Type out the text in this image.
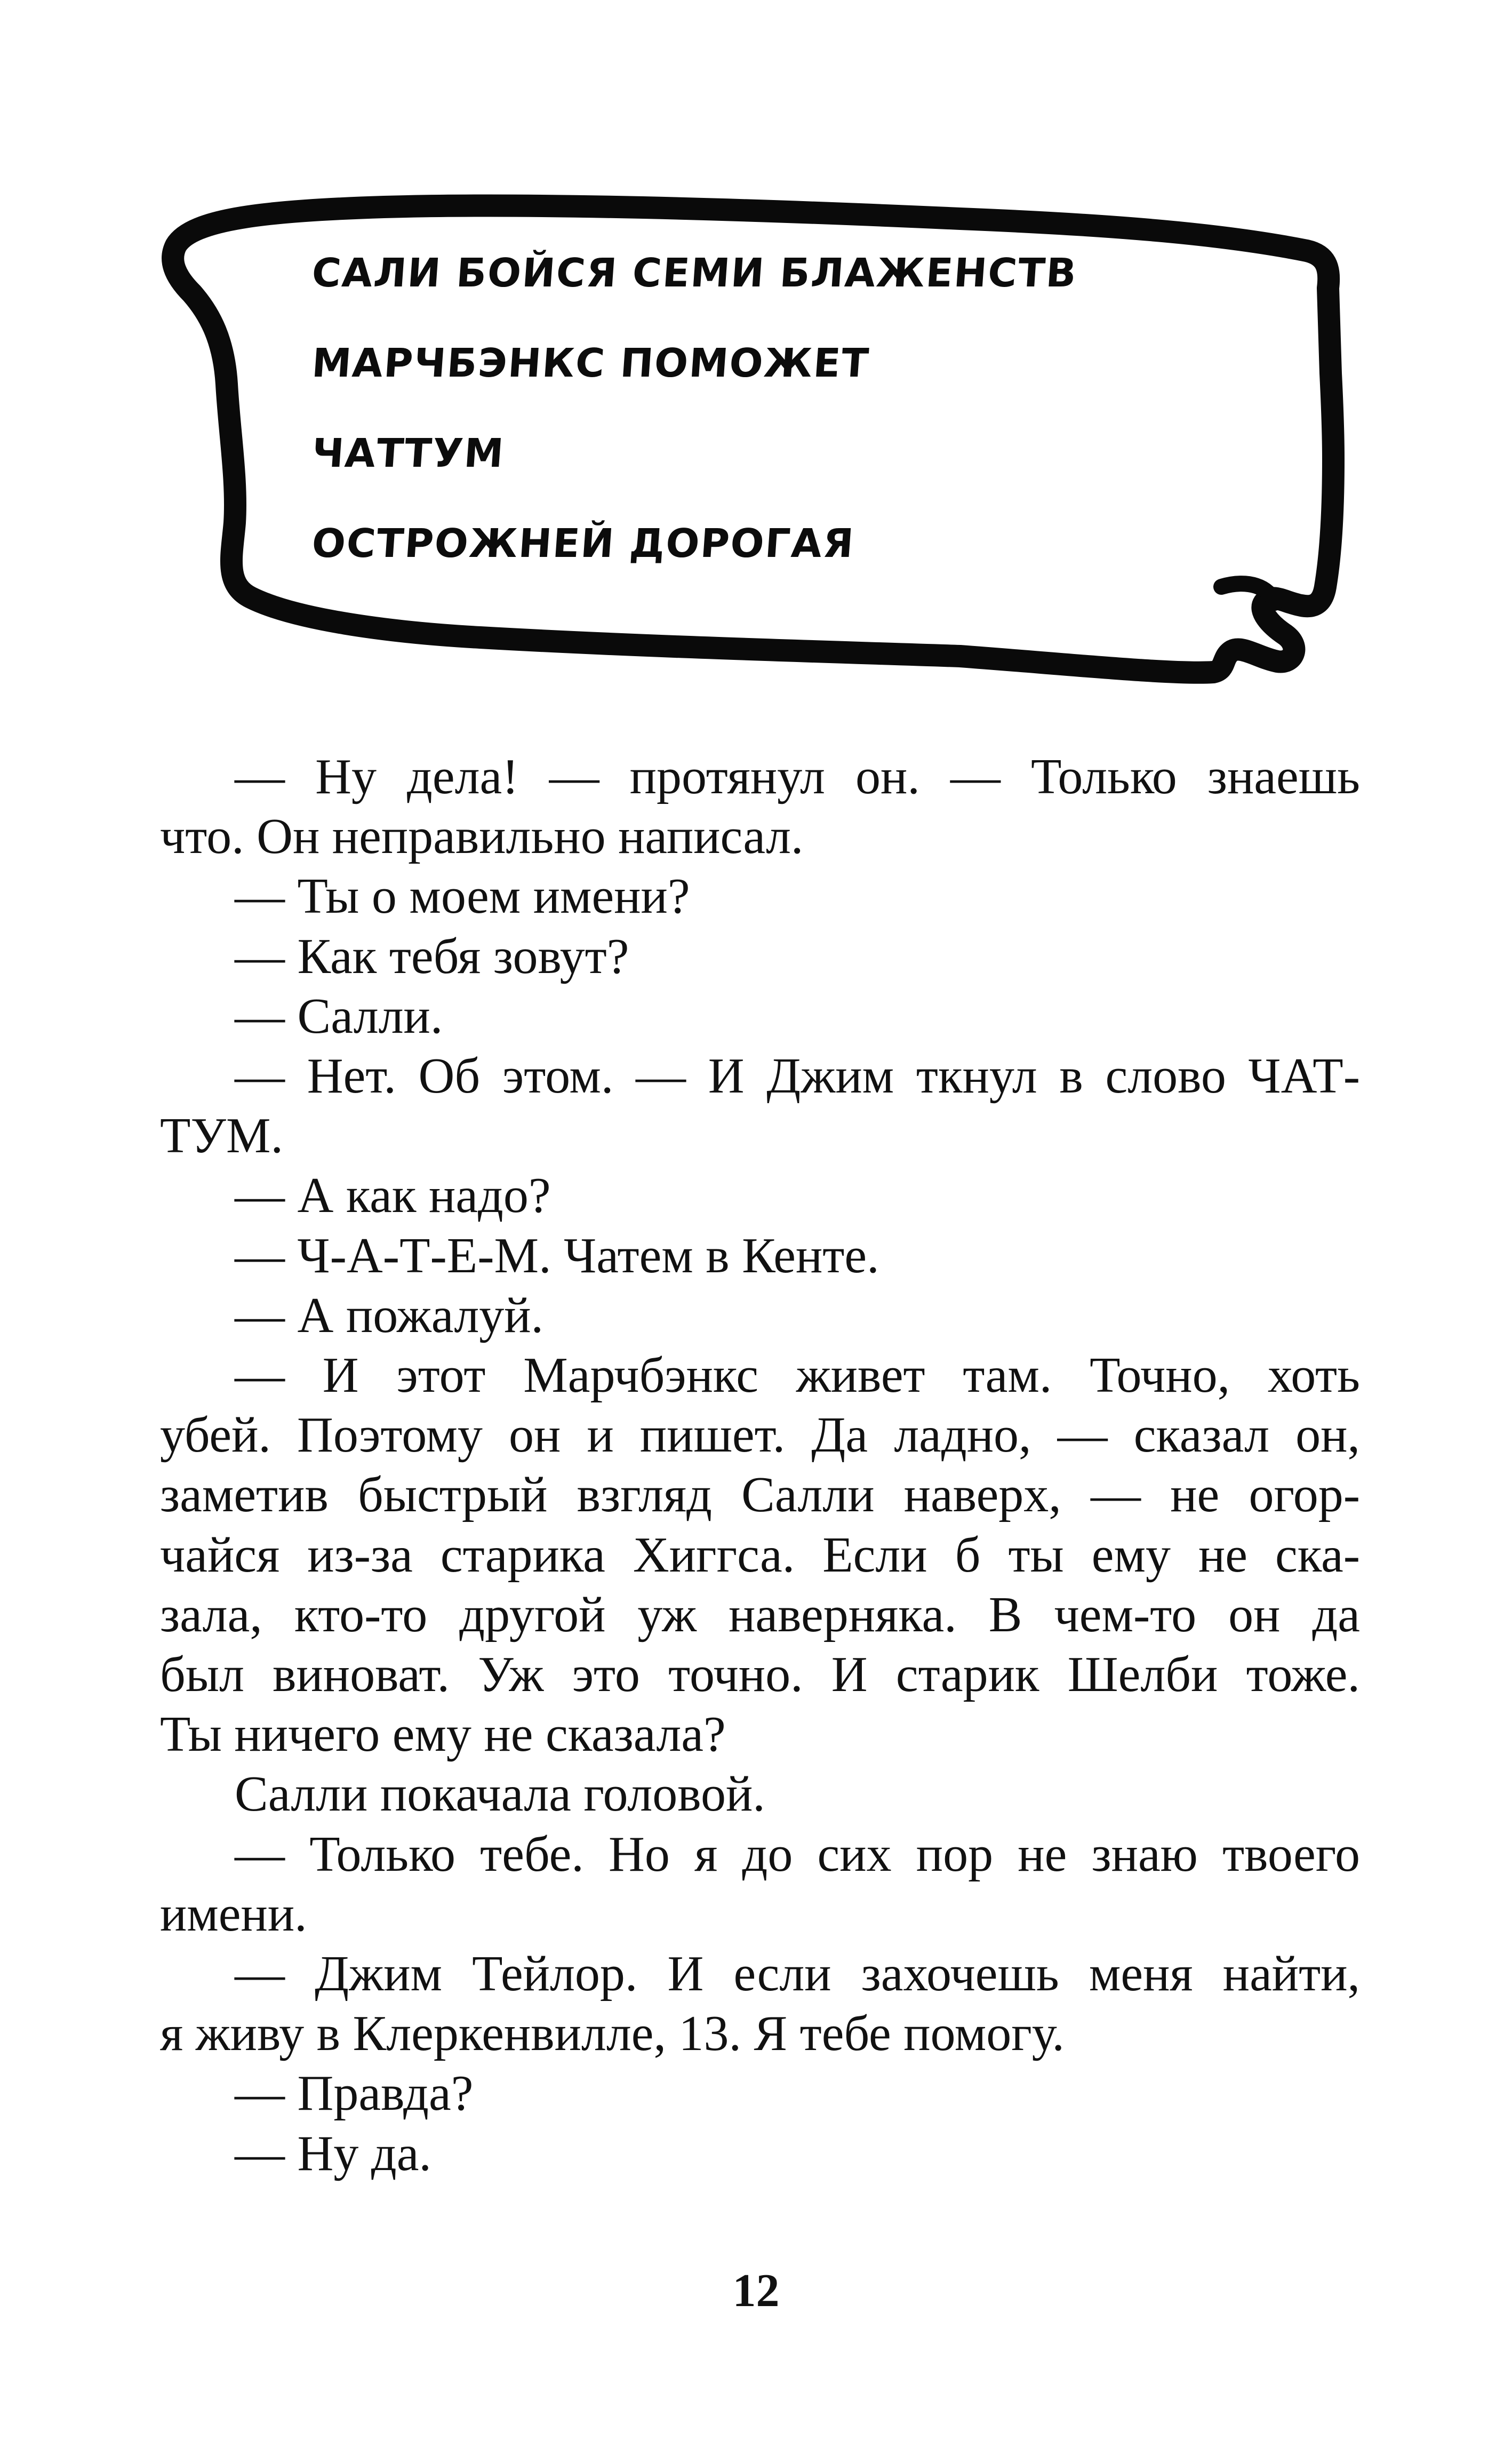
САЛИ БОЙСЯ СЕМИ БЛАЖЕНСТВ
МАРЧБЭНКС ПОМОЖЕТ
ЧАТТУМ
ОСТРОЖНЕЙ ДОРОГАЯ
— Ну дела! — протянул он. — Только знаешь
что. Он неправильно написал.
— Ты о моем имени?
— Как тебя зовут?
— Салли.
— Нет. Об этом. — И Джим ткнул в слово ЧАТ-
ТУМ.
— А как надо?
— Ч-А-Т-Е-М. Чатем в Кенте.
— А пожалуй.
— И этот Марчбэнкс живет там. Точно, хоть
убей. Поэтому он и пишет. Да ладно, — сказал он,
заметив быстрый взгляд Салли наверх, — не огор-
чайся из-за старика Хиггса. Если б ты ему не ска-
зала, кто-то другой уж наверняка. В чем-то он да
был виноват. Уж это точно. И старик Шелби тоже.
Ты ничего ему не сказала?
Салли покачала головой.
— Только тебе. Но я до сих пор не знаю твоего
имени.
— Джим Тейлор. И если захочешь меня найти,
я живу в Клеркенвилле, 13. Я тебе помогу.
— Правда?
— Ну да.
12
